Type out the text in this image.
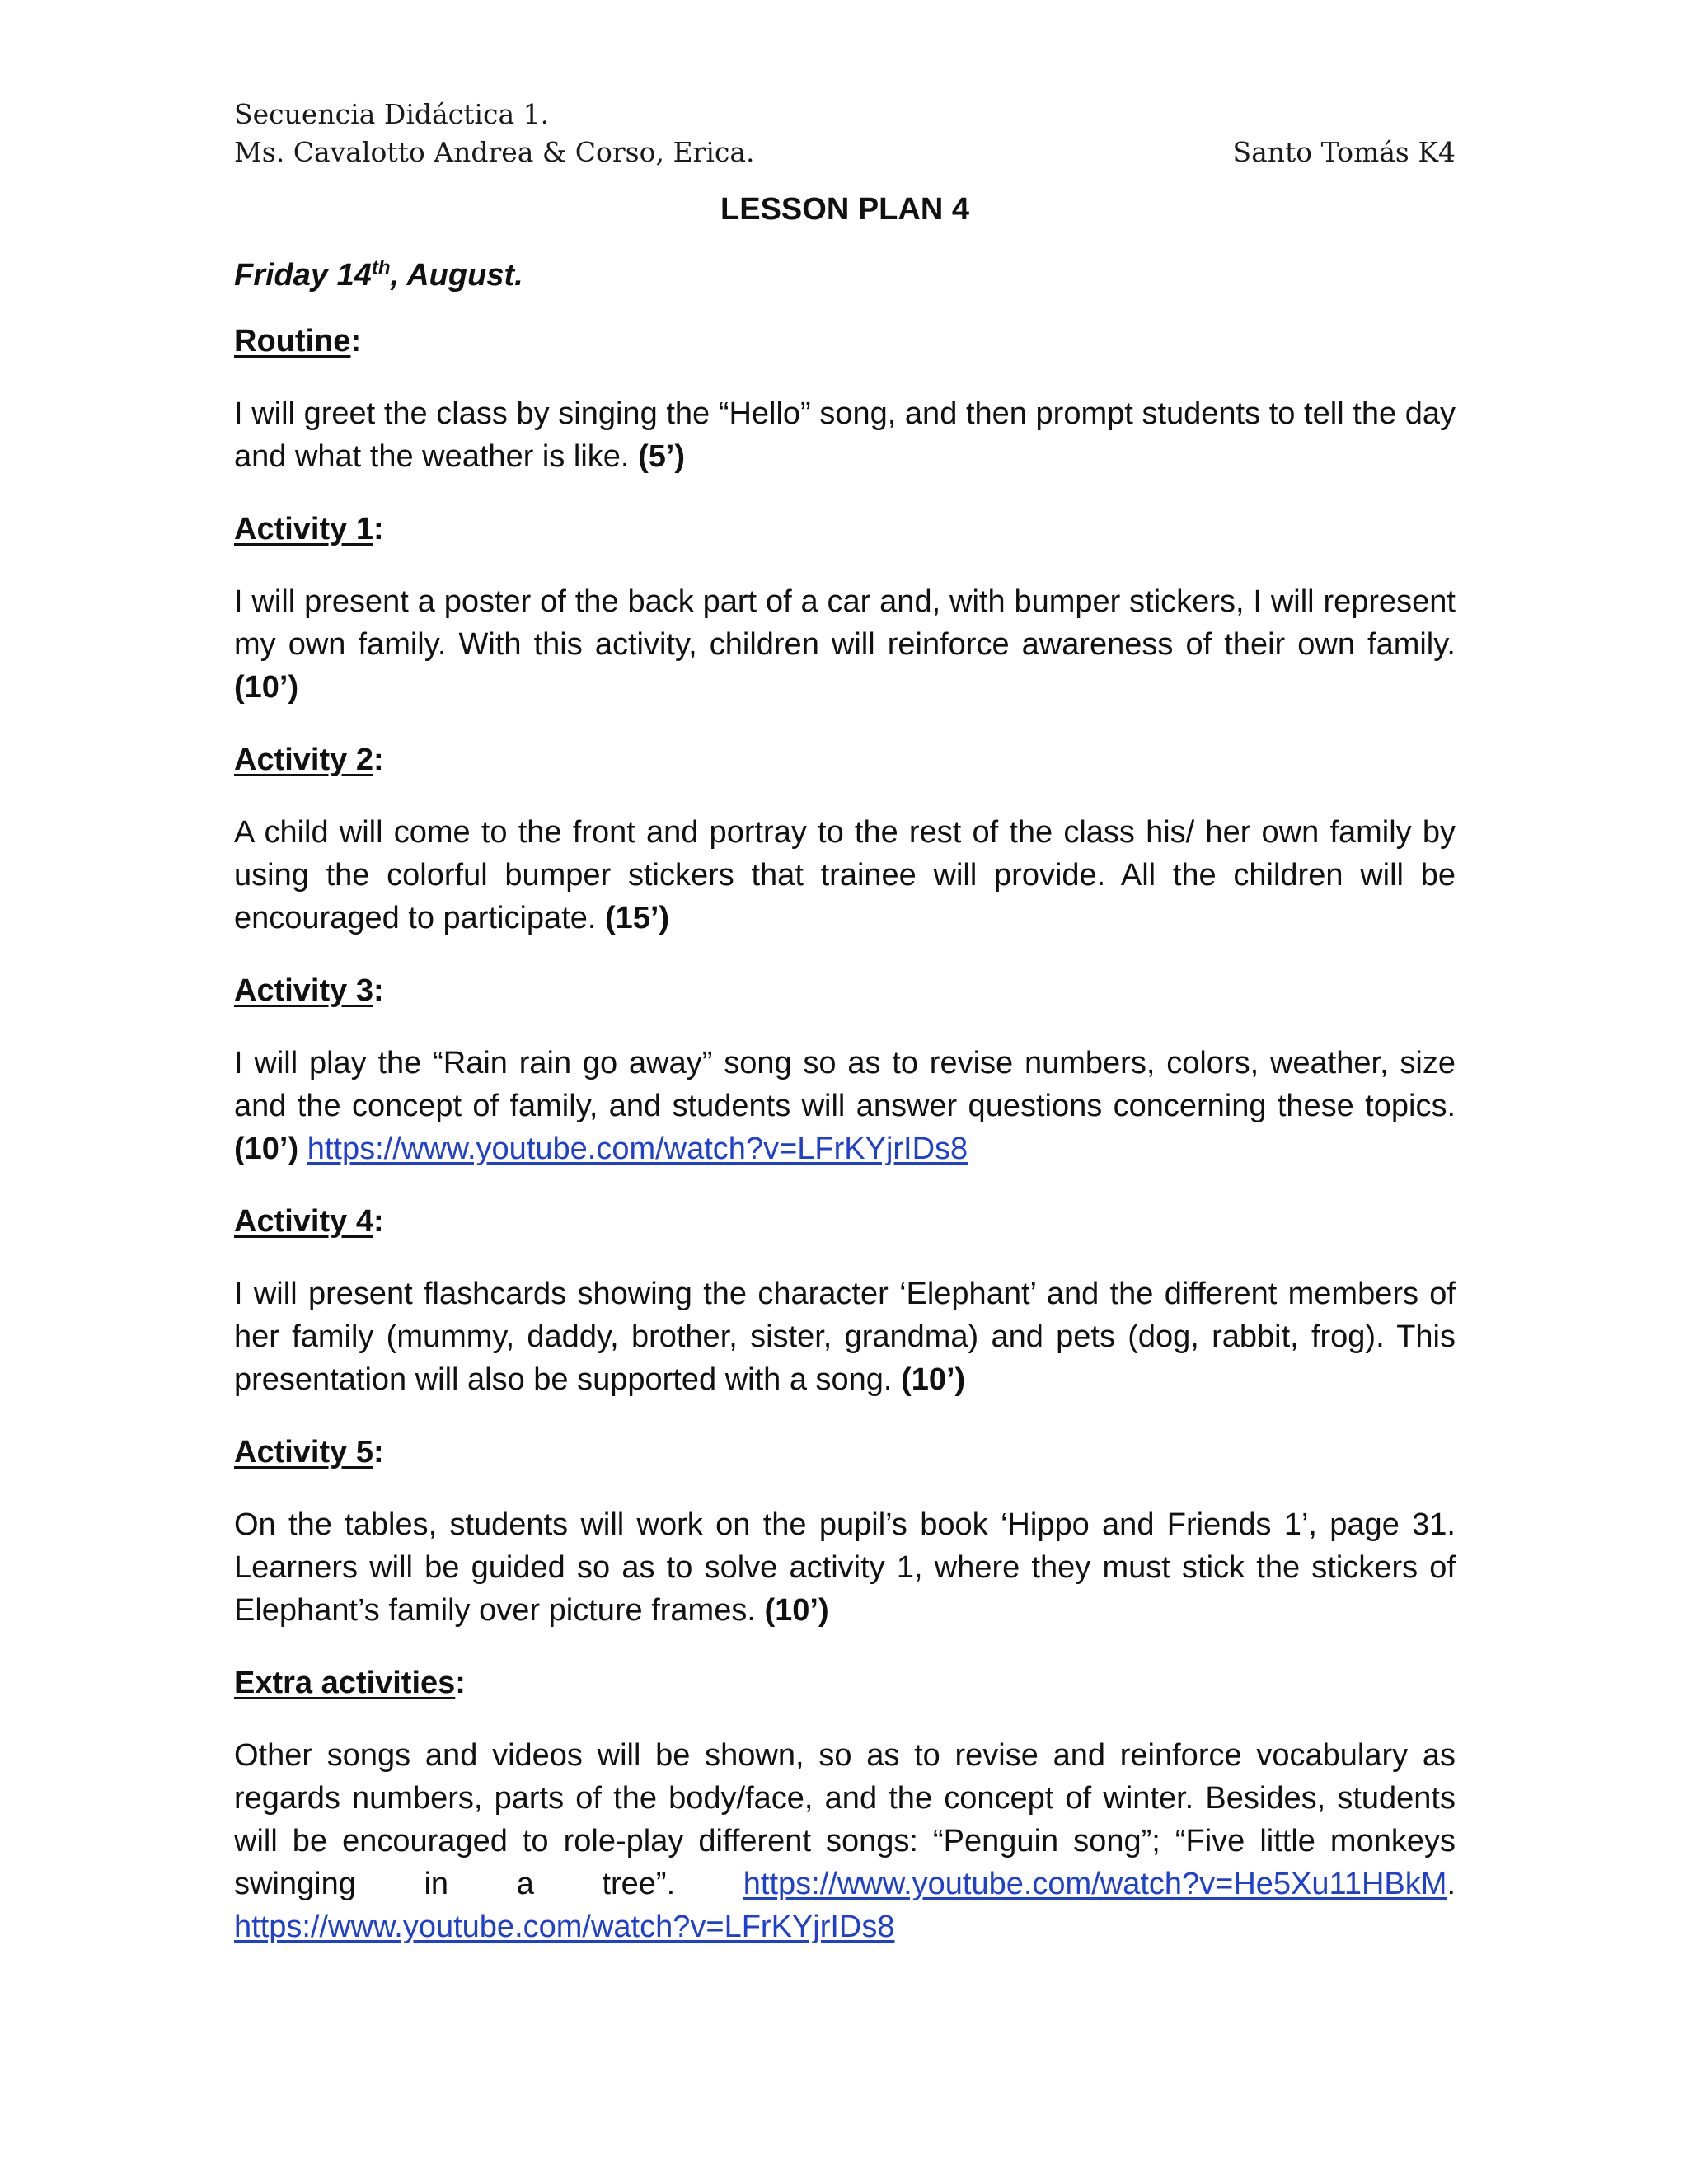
Secuencia Didáctica 1.
Ms. Cavalotto Andrea & Corso, Erica.	Santo Tomás K4
LESSON PLAN 4
Friday 14th, August.
Routine:
I will greet the class by singing the “Hello” song, and then prompt students to tell the day and what the weather is like. (5’)
Activity 1:
I will present a poster of the back part of a car and, with bumper stickers, I will represent my own family. With this activity, children will reinforce awareness of their own family. (10’)
Activity 2:
A child will come to the front and portray to the rest of the class his/ her own family by using the colorful bumper stickers that trainee will provide. All the children will be encouraged to participate. (15’)
Activity 3:
I will play the “Rain rain go away” song so as to revise numbers, colors, weather, size and the concept of family, and students will answer questions concerning these topics. (10’) https://www.youtube.com/watch?v=LFrKYjrIDs8
Activity 4:
I will present flashcards showing the character ‘Elephant’ and the different members of her family (mummy, daddy, brother, sister, grandma) and pets (dog, rabbit, frog). This presentation will also be supported with a song. (10’)
Activity 5:
On the tables, students will work on the pupil’s book ‘Hippo and Friends 1’, page 31. Learners will be guided so as to solve activity 1, where they must stick the stickers of Elephant’s family over picture frames. (10’)
Extra activities:
Other songs and videos will be shown, so as to revise and reinforce vocabulary as regards numbers, parts of the body/face, and the concept of winter. Besides, students will be encouraged to role-play different songs: “Penguin song”; “Five little monkeys swinging in a tree”. https://www.youtube.com/watch?v=He5Xu11HBkM. https://www.youtube.com/watch?v=LFrKYjrIDs8
